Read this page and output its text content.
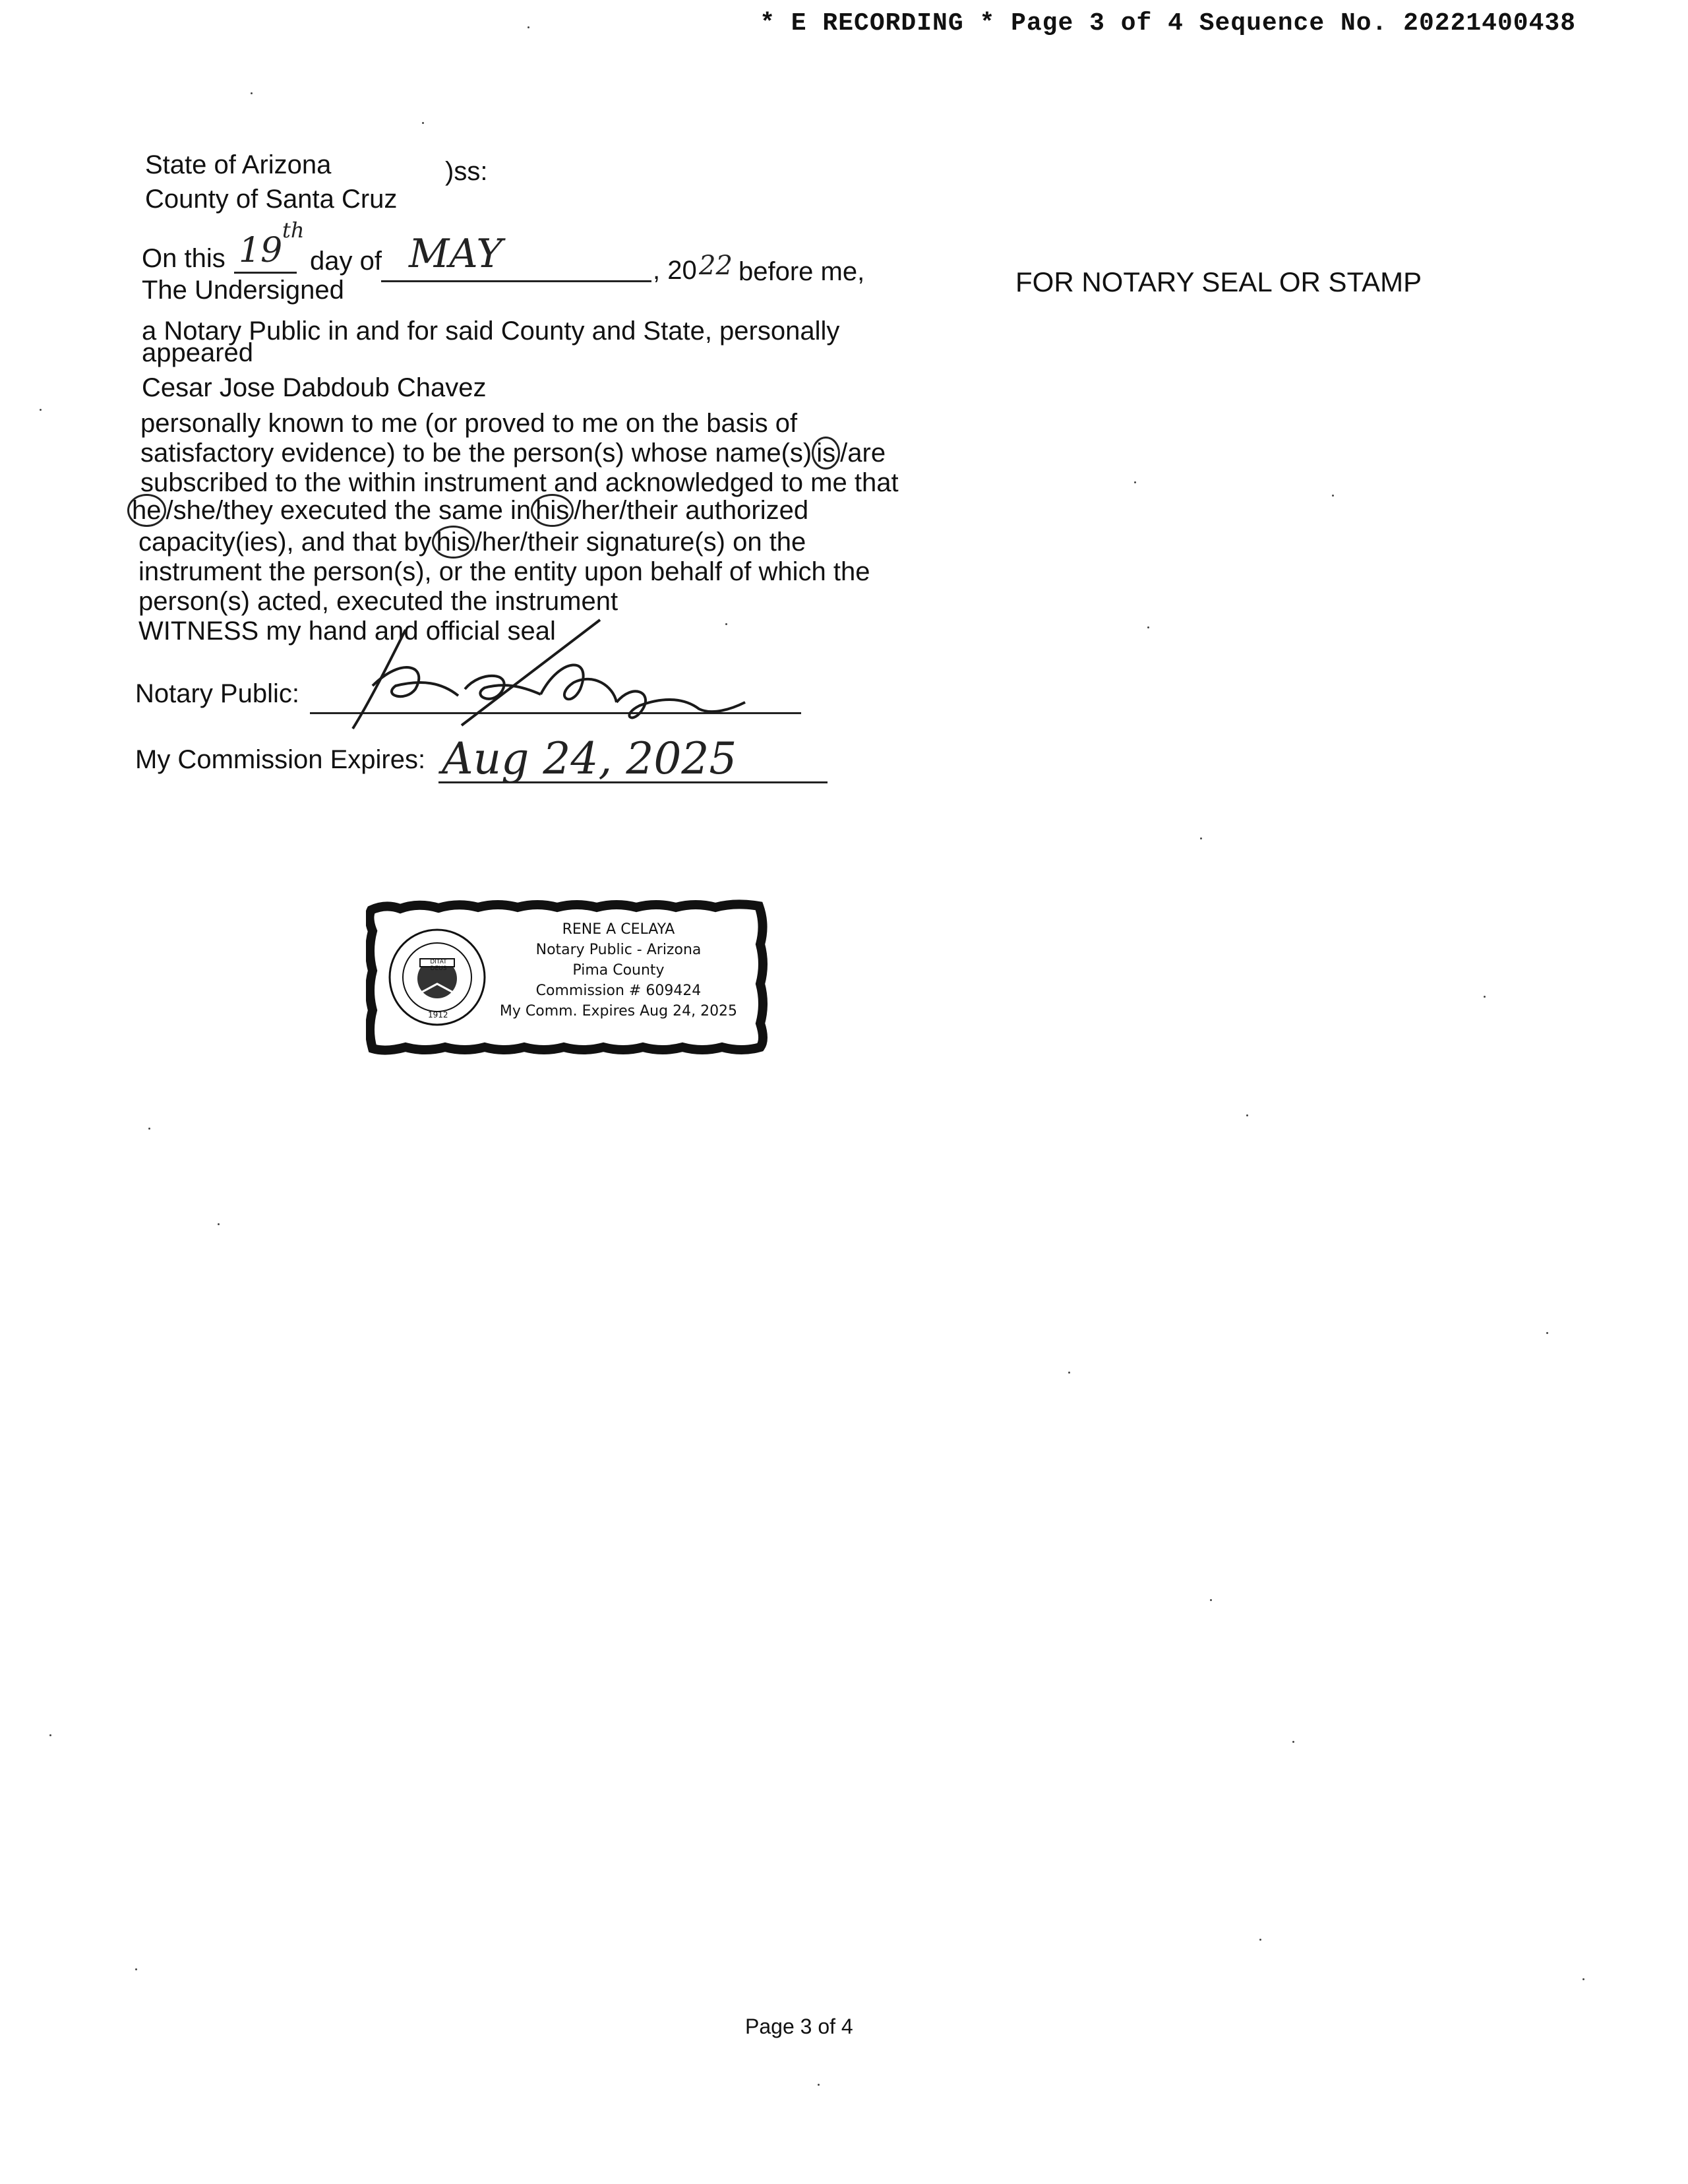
* E RECORDING * Page 3 of 4 Sequence No. 20221400438
State of Arizona	)ss:
County of Santa Cruz
On this 19
th
day of MAY	, 20 22 before me,
The Undersigned	FOR NOTARY SEAL OR STAMP
a Notary Public in and for said County and State, personally
appeared
Cesar Jose Dabdoub Chavez
personally known to me (or proved to me on the basis of
satisfactory evidence) to be the person(s) whose name(s) is /are
subscribed to the within instrument and acknowledged to me that
he /she/they executed the same in his /her/their authorized
capacity(ies), and that by his /her/their signature(s) on the
instrument the person(s), or the entity upon behalf of which the
person(s) acted, executed the instrument
WITNESS my hand and official seal
Notary Public:
My Commission Expires: Aug 24, 2025
DITAT DEUS
1912
RENE A CELAYA
Notary Public - Arizona
Pima County
Commission # 609424
My Comm. Expires Aug 24, 2025
Page 3 of 4
